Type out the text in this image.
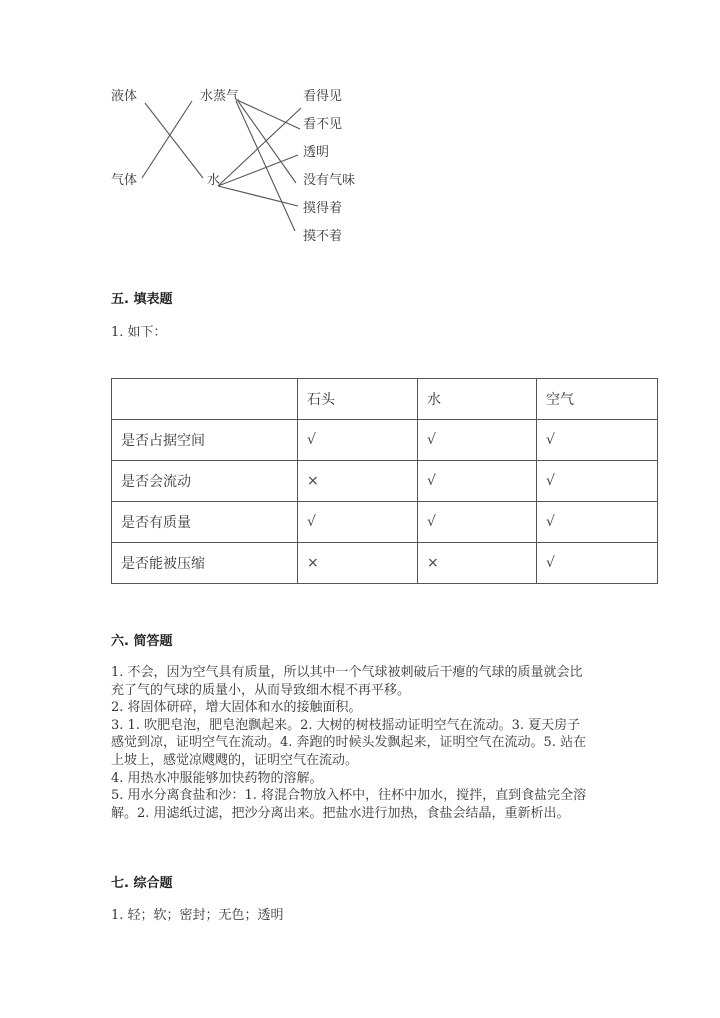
液体
气体
水蒸气
水
看得见
看不见
透明
没有气味
摸得着
摸不着
五. 填表题
1. 如下：
	石头	水	空气
是否占据空间	√	√	√
是否会流动	×	√	√
是否有质量	√	√	√
是否能被压缩	×	×	√
六. 简答题

1. 不会，因为空气具有质量，所以其中一个气球被刺破后干瘪的气球的质量就会比充了气的气球的质量小，从而导致细木棍不再平移。

2. 将固体研碎，增大固体和水的接触面积。

3. 1. 吹肥皂泡，肥皂泡飘起来。2. 大树的树枝摇动证明空气在流动。3. 夏天房子感觉到凉，证明空气在流动。4. 奔跑的时候头发飘起来，证明空气在流动。5. 站在上坡上，感觉凉飕飕的，证明空气在流动。

4. 用热水冲服能够加快药物的溶解。

5. 用水分离食盐和沙：1. 将混合物放入杯中，往杯中加水，搅拌，直到食盐完全溶解。2. 用滤纸过滤，把沙分离出来。把盐水进行加热，食盐会结晶，重新析出。

七. 综合题
1. 轻；软；密封；无色；透明
